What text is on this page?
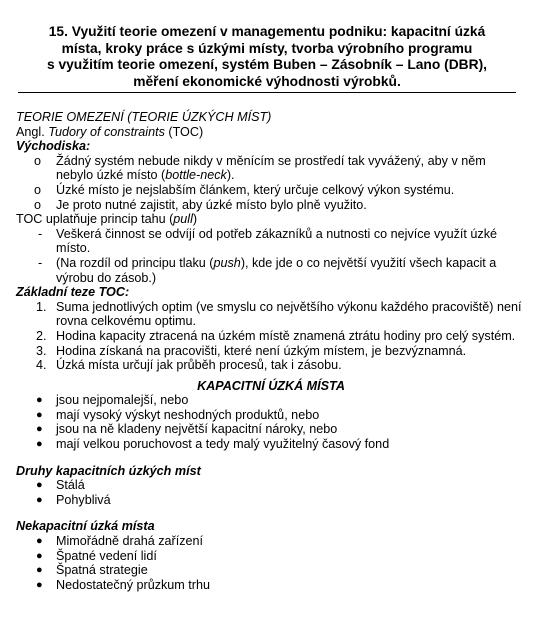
15. Využití teorie omezení v managementu podniku: kapacitní úzká
místa, kroky práce s úzkými místy, tvorba výrobního programu
s využitím teorie omezení, systém Buben – Zásobník – Lano (DBR),
měření ekonomické výhodnosti výrobků.
TEORIE OMEZENÍ (TEORIE ÚZKÝCH MÍST)
Angl. Tudory of constraints (TOC)
Východiska:
o	Žádný systém nebude nikdy v měnícím se prostředí tak vyvážený, aby v něm nebylo úzké místo (bottle-neck).
o	Úzké místo je nejslabším článkem, který určuje celkový výkon systému.
o	Je proto nutné zajistit, aby úzké místo bylo plně využito.
TOC uplatňuje princip tahu (pull)
-	Veškerá činnost se odvíjí od potřeb zákazníků a nutnosti co nejvíce využít úzké místo.
-	(Na rozdíl od principu tlaku (push), kde jde o co největší využití všech kapacit a výrobu do zásob.)
Základní teze TOC:
1. Suma jednotlivých optim (ve smyslu co největšího výkonu každého pracoviště) není rovna celkovému optimu.
2. Hodina kapacity ztracená na úzkém místě znamená ztrátu hodiny pro celý systém.
3. Hodina získaná na pracovišti, které není úzkým místem, je bezvýznamná.
4. Úzká místa určují jak průběh procesů, tak i zásobu.
KAPACITNÍ ÚZKÁ MÍSTA
●	jsou nejpomalejší, nebo
●	mají vysoký výskyt neshodných produktů, nebo
●	jsou na ně kladeny největší kapacitní nároky, nebo
●	mají velkou poruchovost a tedy malý využitelný časový fond
Druhy kapacitních úzkých míst
●	Stálá
●	Pohyblivá
Nekapacitní úzká místa
●	Mimořádně drahá zařízení
●	Špatné vedení lidí
●	Špatná strategie
●	Nedostatečný průzkum trhu
